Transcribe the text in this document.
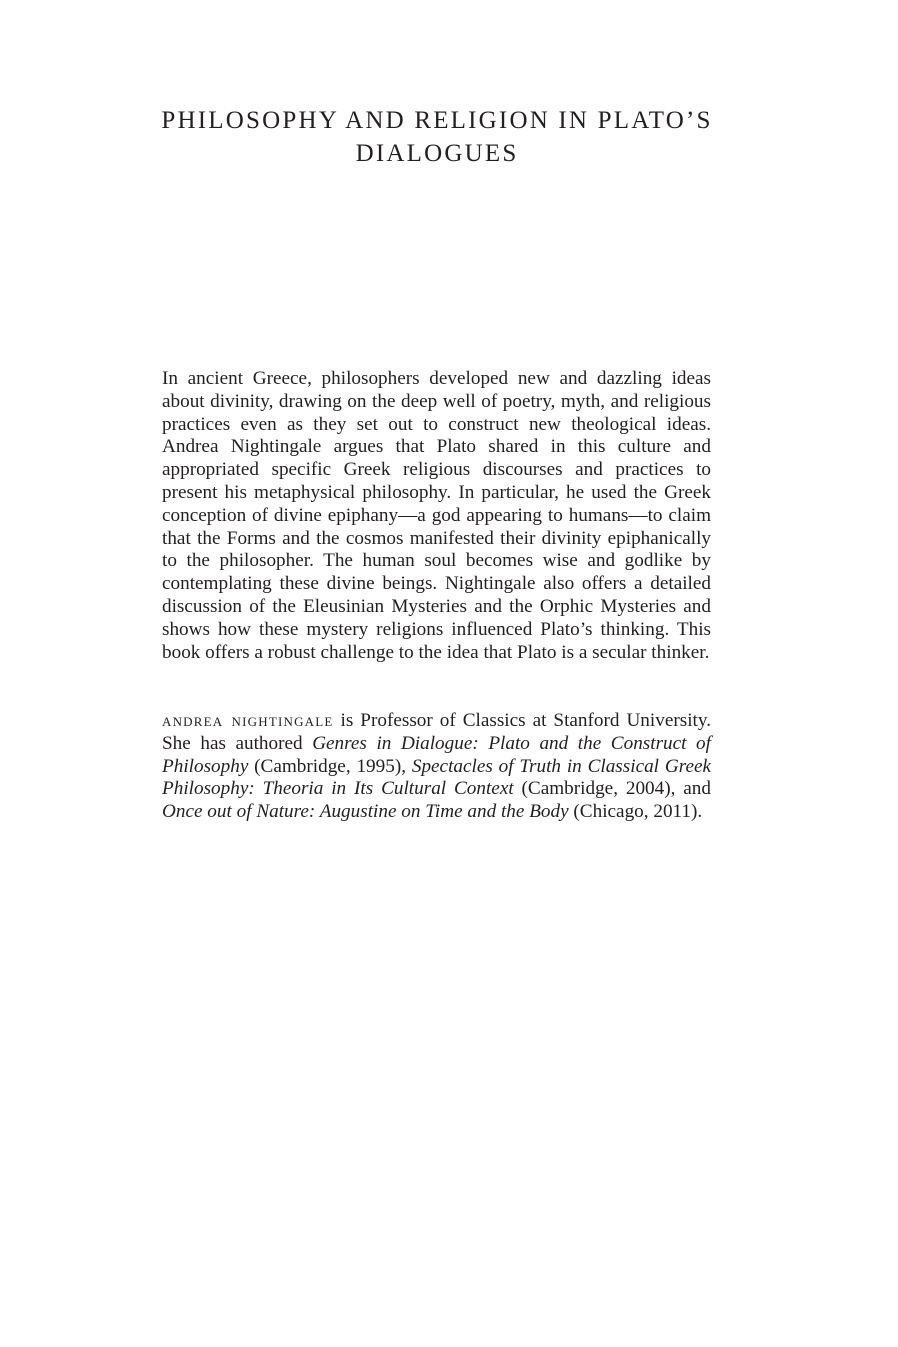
PHILOSOPHY AND RELIGION IN PLATO’S
DIALOGUES

In ancient Greece, philosophers developed new and dazzling ideas about divinity, drawing on the deep well of poetry, myth, and religious practices even as they set out to construct new theological ideas. Andrea Nightingale argues that Plato shared in this culture and appropriated specific Greek religious discourses and practices to present his metaphysical philosophy. In particular, he used the Greek conception of divine epiphany—a god appearing to humans—to claim that the Forms and the cosmos manifested their divinity epiphanically to the philosopher. The human soul becomes wise and godlike by contemplating these divine beings. Nightingale also offers a detailed discussion of the Eleusinian Mysteries and the Orphic Mysteries and shows how these mystery religions influenced Plato’s thinking. This book offers a robust challenge to the idea that Plato is a secular thinker.

andrea nightingale is Professor of Classics at Stanford University. She has authored Genres in Dialogue: Plato and the Construct of Philosophy (Cambridge, 1995), Spectacles of Truth in Classical Greek Philosophy: Theoria in Its Cultural Context (Cambridge, 2004), and Once out of Nature: Augustine on Time and the Body (Chicago, 2011).
